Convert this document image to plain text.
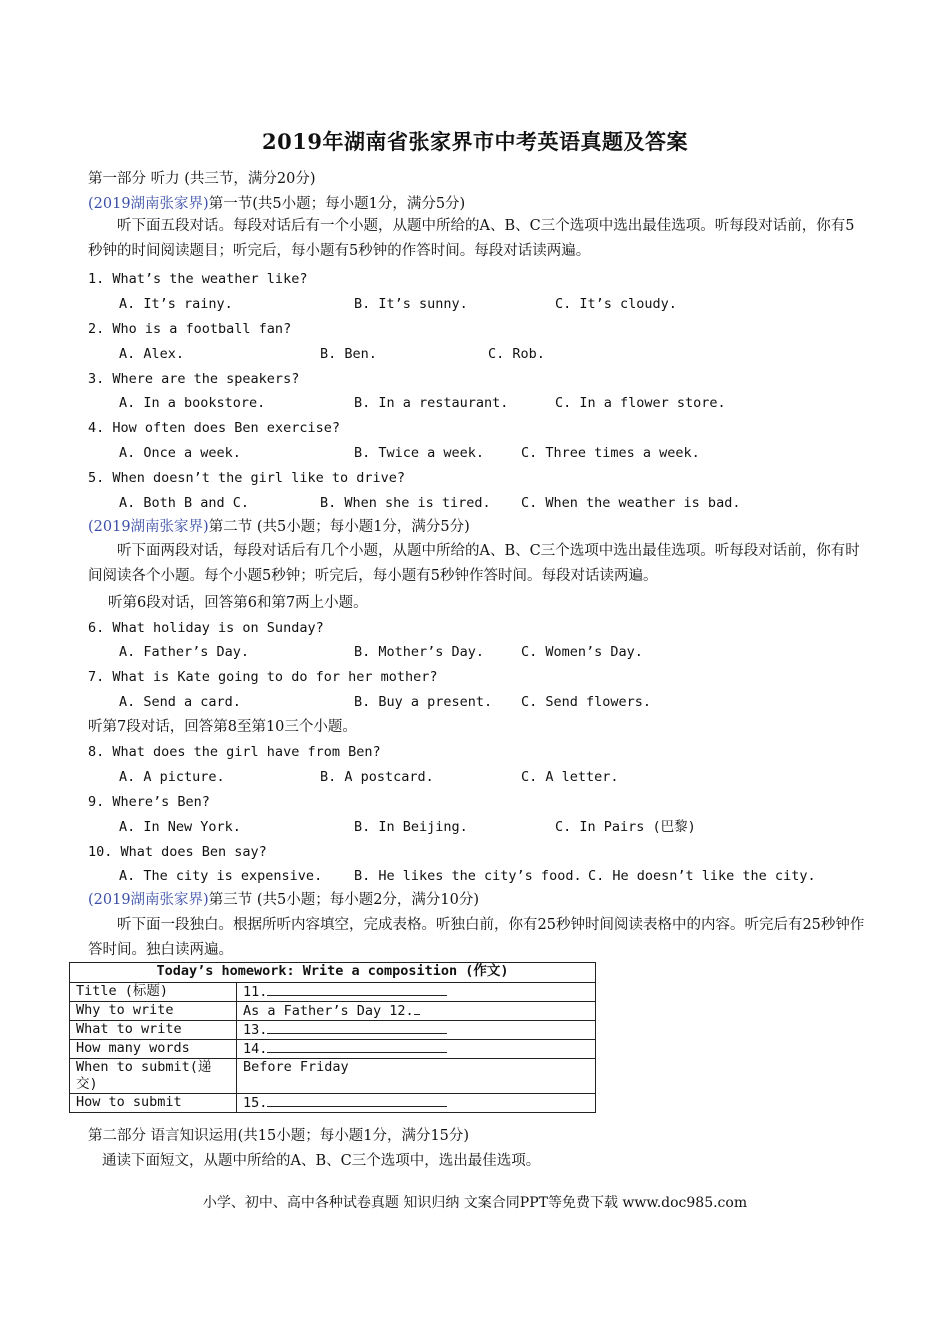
2019年湖南省张家界市中考英语真题及答案
第一部分 听力 (共三节，满分20分)
(2019湖南张家界)第一节(共5小题；每小题1分，满分5分)
听下面五段对话。每段对话后有一个小题，从题中所给的A、B、C三个选项中选出最佳选项。听每段对话前，你有5秒钟的时间阅读题目；听完后，每小题有5秒钟的作答时间。每段对话读两遍。
1. What’s the weather like?
A. It’s rainy.	B. It’s sunny.	C. It’s cloudy.
2. Who is a football fan?
A. Alex.	B. Ben.	C. Rob.
3. Where are the speakers?
A. In a bookstore.	B. In a restaurant.	C. In a flower store.
4. How often does Ben exercise?
A. Once a week.	B. Twice a week.	C. Three times a week.
5. When doesn’t the girl like to drive?
A. Both B and C.	B. When she is tired. C. When the weather is bad.
(2019湖南张家界)第二节 (共5小题；每小题1分，满分5分)
听下面两段对话，每段对话后有几个小题，从题中所给的A、B、C三个选项中选出最佳选项。听每段对话前，你有时间阅读各个小题。每个小题5秒钟；听完后，每小题有5秒钟作答时间。每段对话读两遍。
听第6段对话，回答第6和第7两上小题。
6. What holiday is on Sunday?
A. Father’s Day.	B. Mother’s Day.	C. Women’s Day.
7. What is Kate going to do for her mother?
A. Send a card.	B. Buy a present. C. Send flowers.
听第7段对话，回答第8至第10三个小题。
8. What does the girl have from Ben?
A. A picture.	B. A postcard.	C. A letter.
9. Where’s Ben?
A. In New York.	B. In Beijing.	C. In Pairs (巴黎)
10. What does Ben say?
A. The city is expensive. B. He likes the city’s food. C. He doesn’t like the city.
(2019湖南张家界)第三节 (共5小题；每小题2分，满分10分)
听下面一段独白。根据所听内容填空，完成表格。听独白前，你有25秒钟时间阅读表格中的内容。听完后有25秒钟作答时间。独白读两遍。
Today’s homework: Write a composition (作文)	
Title (标题)	11.
Why to write	As a Father’s Day 12.
What to write	13.
How many words	14.
When to submit(递交)	Before Friday
How to submit	15.
第二部分 语言知识运用(共15小题；每小题1分，满分15分)
通读下面短文，从题中所给的A、B、C三个选项中，选出最佳选项。
小学、初中、高中各种试卷真题 知识归纳 文案合同PPT等免费下载 www.doc985.com
